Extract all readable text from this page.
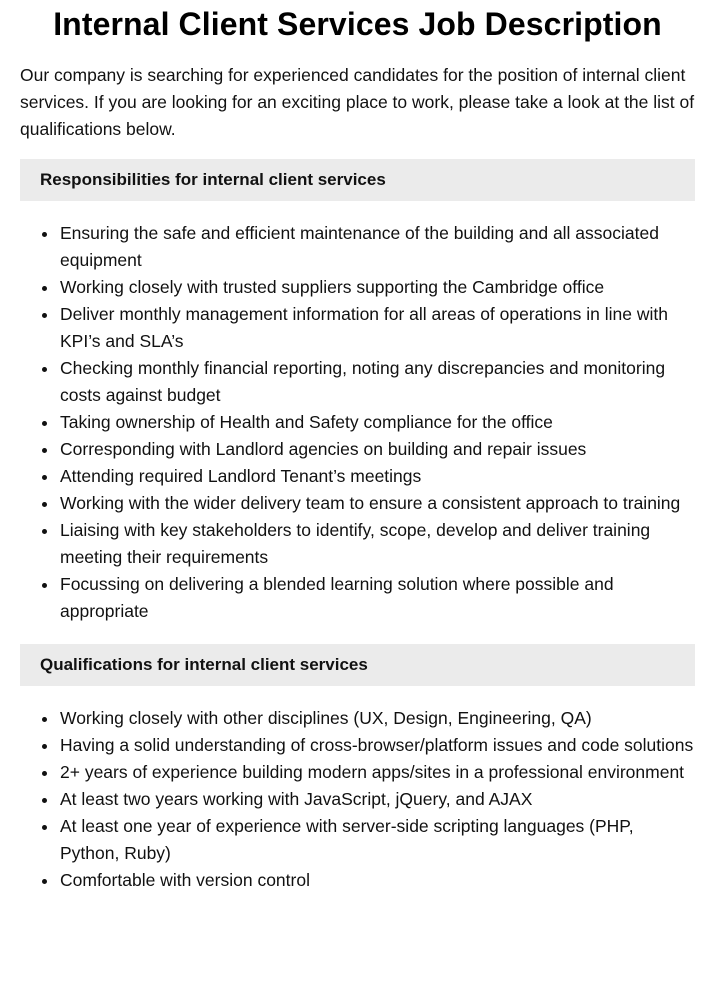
Internal Client Services Job Description

Our company is searching for experienced candidates for the position of internal client services. If you are looking for an exciting place to work, please take a look at the list of qualifications below.

Responsibilities for internal client services
Ensuring the safe and efficient maintenance of the building and all associated equipment
Working closely with trusted suppliers supporting the Cambridge office
Deliver monthly management information for all areas of operations in line with KPI’s and SLA’s
Checking monthly financial reporting, noting any discrepancies and monitoring costs against budget
Taking ownership of Health and Safety compliance for the office
Corresponding with Landlord agencies on building and repair issues
Attending required Landlord Tenant’s meetings
Working with the wider delivery team to ensure a consistent approach to training
Liaising with key stakeholders to identify, scope, develop and deliver training meeting their requirements
Focussing on delivering a blended learning solution where possible and appropriate
Qualifications for internal client services
Working closely with other disciplines (UX, Design, Engineering, QA)
Having a solid understanding of cross-browser/platform issues and code solutions
2+ years of experience building modern apps/sites in a professional environment
At least two years working with JavaScript, jQuery, and AJAX
At least one year of experience with server-side scripting languages (PHP, Python, Ruby)
Comfortable with version control
